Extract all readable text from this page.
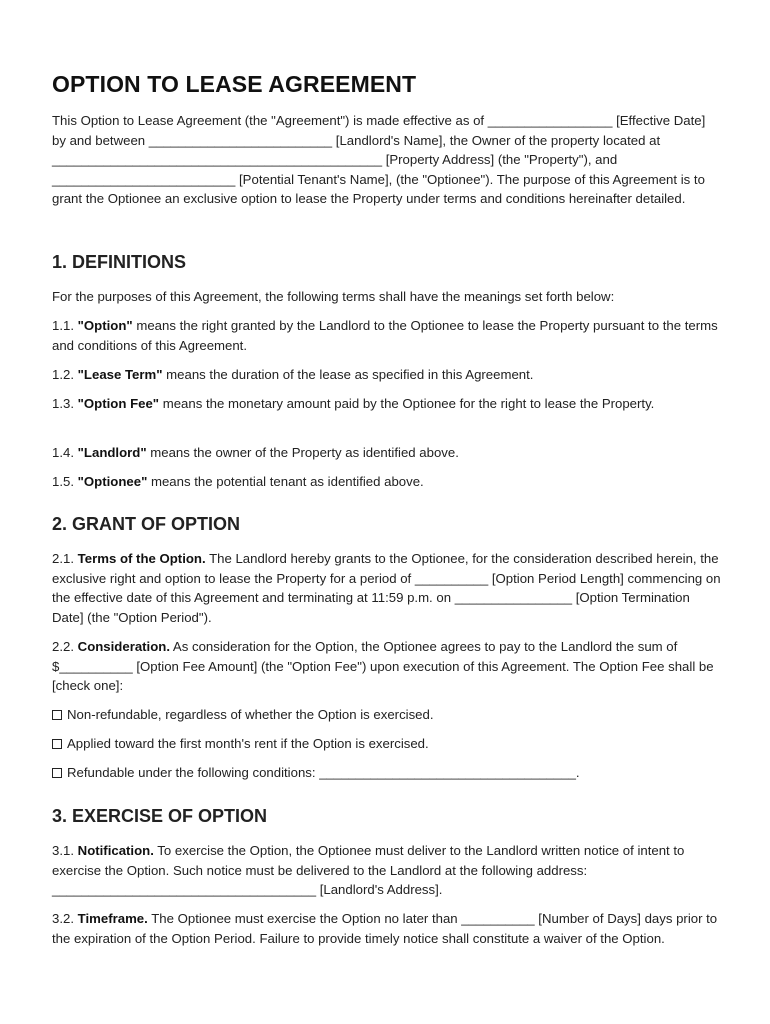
OPTION TO LEASE AGREEMENT

This Option to Lease Agreement (the "Agreement") is made effective as of _________________ [Effective Date] by and between _________________________ [Landlord's Name], the Owner of the property located at _____________________________________________ [Property Address] (the "Property"), and _________________________ [Potential Tenant's Name], (the "Optionee"). The purpose of this Agreement is to grant the Optionee an exclusive option to lease the Property under terms and conditions hereinafter detailed.

1. DEFINITIONS

For the purposes of this Agreement, the following terms shall have the meanings set forth below:

1.1. "Option" means the right granted by the Landlord to the Optionee to lease the Property pursuant to the terms and conditions of this Agreement.

1.2. "Lease Term" means the duration of the lease as specified in this Agreement.

1.3. "Option Fee" means the monetary amount paid by the Optionee for the right to lease the Property.

1.4. "Landlord" means the owner of the Property as identified above.

1.5. "Optionee" means the potential tenant as identified above.

2. GRANT OF OPTION

2.1. Terms of the Option. The Landlord hereby grants to the Optionee, for the consideration described herein, the exclusive right and option to lease the Property for a period of __________ [Option Period Length] commencing on the effective date of this Agreement and terminating at 11:59 p.m. on ________________ [Option Termination Date] (the "Option Period").

2.2. Consideration. As consideration for the Option, the Optionee agrees to pay to the Landlord the sum of $__________ [Option Fee Amount] (the "Option Fee") upon execution of this Agreement. The Option Fee shall be [check one]:

Non-refundable, regardless of whether the Option is exercised.

Applied toward the first month's rent if the Option is exercised.

Refundable under the following conditions: ___________________________________.

3. EXERCISE OF OPTION

3.1. Notification. To exercise the Option, the Optionee must deliver to the Landlord written notice of intent to exercise the Option. Such notice must be delivered to the Landlord at the following address: ____________________________________ [Landlord's Address].

3.2. Timeframe. The Optionee must exercise the Option no later than __________ [Number of Days] days prior to the expiration of the Option Period. Failure to provide timely notice shall constitute a waiver of the Option.
